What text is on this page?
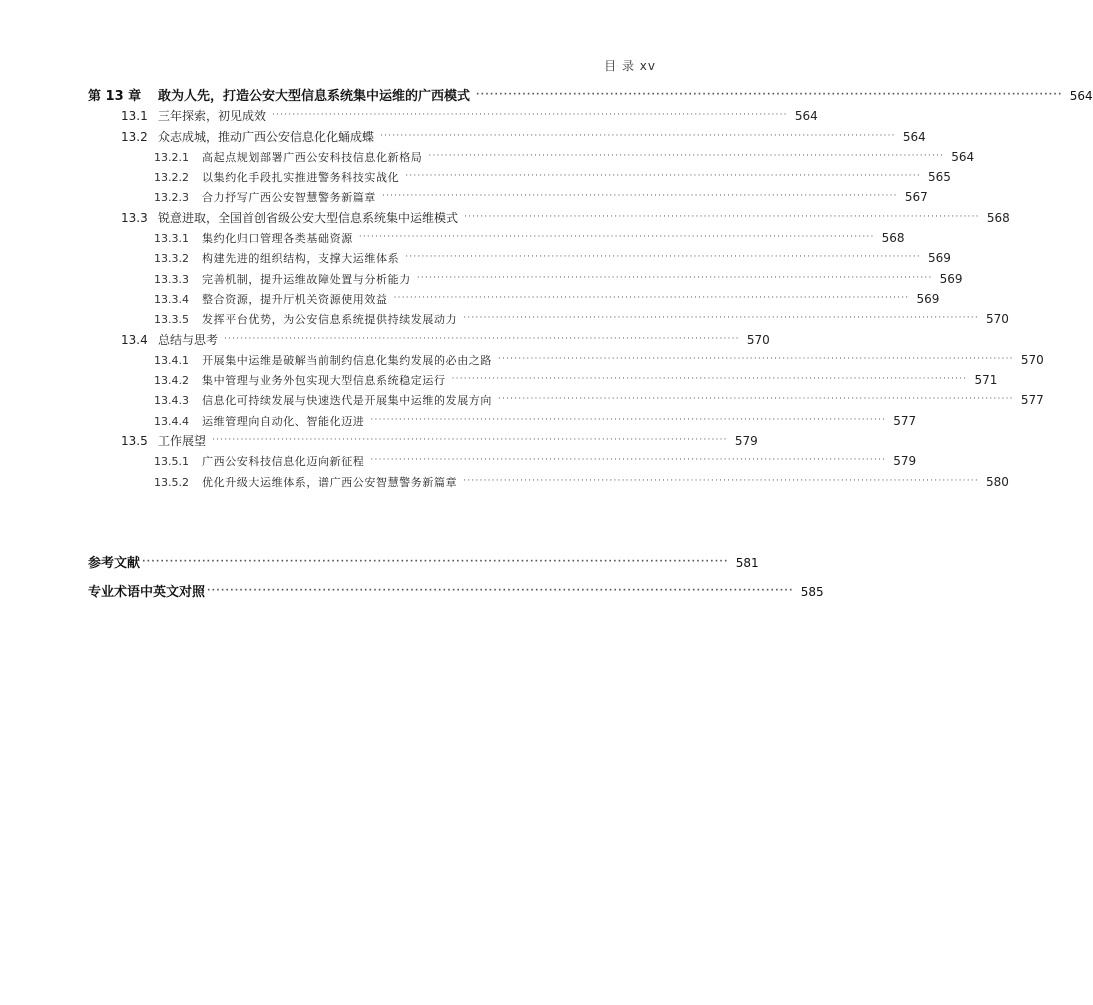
目 录 xv
第 13 章	敢为人先，打造公安大型信息系统集中运维的广西模式 ·····	564
13.1 三年探索，初见成效 ·····	564
13.2 众志成城，推动广西公安信息化化蛹成蝶 ·····	564
13.2.1	高起点规划部署广西公安科技信息化新格局 ·····	564
13.2.2	以集约化手段扎实推进警务科技实战化 ·····	565
13.2.3	合力抒写广西公安智慧警务新篇章 ·····	567
13.3 锐意进取，全国首创省级公安大型信息系统集中运维模式 ·····	568
13.3.1	集约化归口管理各类基础资源 ·····	568
13.3.2	构建先进的组织结构，支撑大运维体系 ·····	569
13.3.3	完善机制，提升运维故障处置与分析能力 ·····	569
13.3.4	整合资源，提升厅机关资源使用效益 ·····	569
13.3.5	发挥平台优势，为公安信息系统提供持续发展动力 ·····	570
13.4 总结与思考 ·····	570
13.4.1	开展集中运维是破解当前制约信息化集约发展的必由之路 ·····	570
13.4.2	集中管理与业务外包实现大型信息系统稳定运行 ·····	571
13.4.3	信息化可持续发展与快速迭代是开展集中运维的发展方向 ·····	577
13.4.4	运维管理向自动化、智能化迈进 ·····	577
13.5 工作展望 ·····	579
13.5.1	广西公安科技信息化迈向新征程 ·····	579
13.5.2	优化升级大运维体系，谱广西公安智慧警务新篇章 ·····	580
参考文献 ·····	581
专业术语中英文对照 ·····	585
